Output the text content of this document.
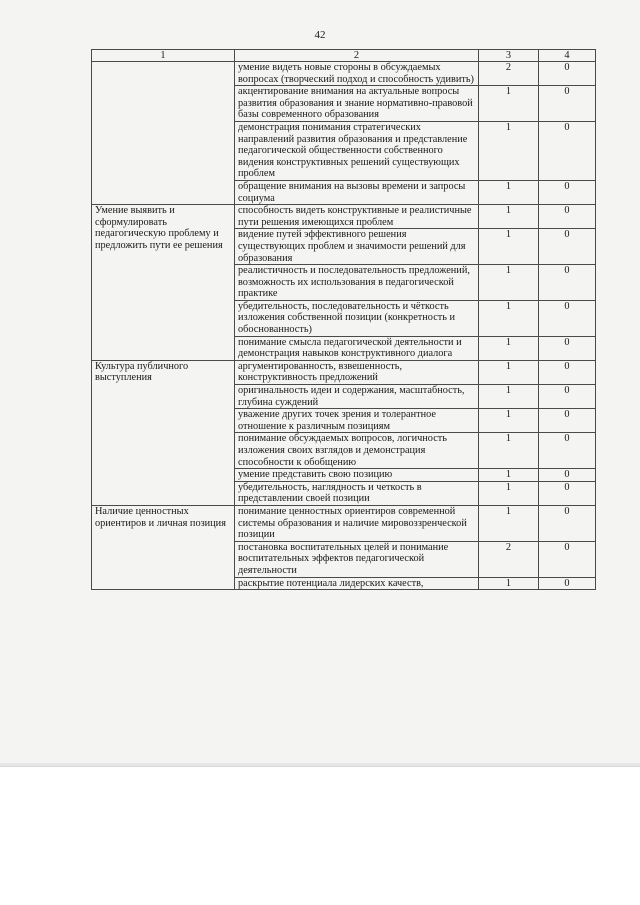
42
1	2	3	4
	умение видеть новые стороны в обсуждаемых вопросах (творческий подход и способность удивить)	2	0
	акцентирование внимания на актуальные вопросы развития образования и знание нормативно-правовой базы современного образования	1	0
	демонстрация понимания стратегических направлений развития образования и представление педагогической общественности собственного видения конструктивных решений существующих проблем	1	0
	обращение внимания на вызовы времени и запросы социума	1	0
Умение выявить и сформулировать педагогическую проблему и предложить пути ее решения	способность видеть конструктивные и реалистичные пути решения имеющихся проблем	1	0
	видение путей эффективного решения существующих проблем и значимости решений для образования	1	0
	реалистичность и последовательность предложений, возможность их использования в педагогической практике	1	0
	убедительность, последовательность и чёткость изложения собственной позиции (конкретность и обоснованность)	1	0
	понимание смысла педагогической деятельности и демонстрация навыков конструктивного диалога	1	0
Культура публичного выступления	аргументированность, взвешенность, конструктивность предложений	1	0
	оригинальность идеи и содержания, масштабность, глубина суждений	1	0
	уважение других точек зрения и толерантное отношение к различным позициям	1	0
	понимание обсуждаемых вопросов, логичность изложения своих взглядов и демонстрация способности к обобщению	1	0
	умение представить свою позицию	1	0
	убедительность, наглядность и четкость в представлении своей позиции	1	0
Наличие ценностных ориентиров и личная позиция	понимание ценностных ориентиров современной системы образования и наличие мировоззренческой позиции	1	0
	постановка воспитательных целей и понимание воспитательных эффектов педагогической деятельности	2	0
	раскрытие потенциала лидерских качеств,	1	0
